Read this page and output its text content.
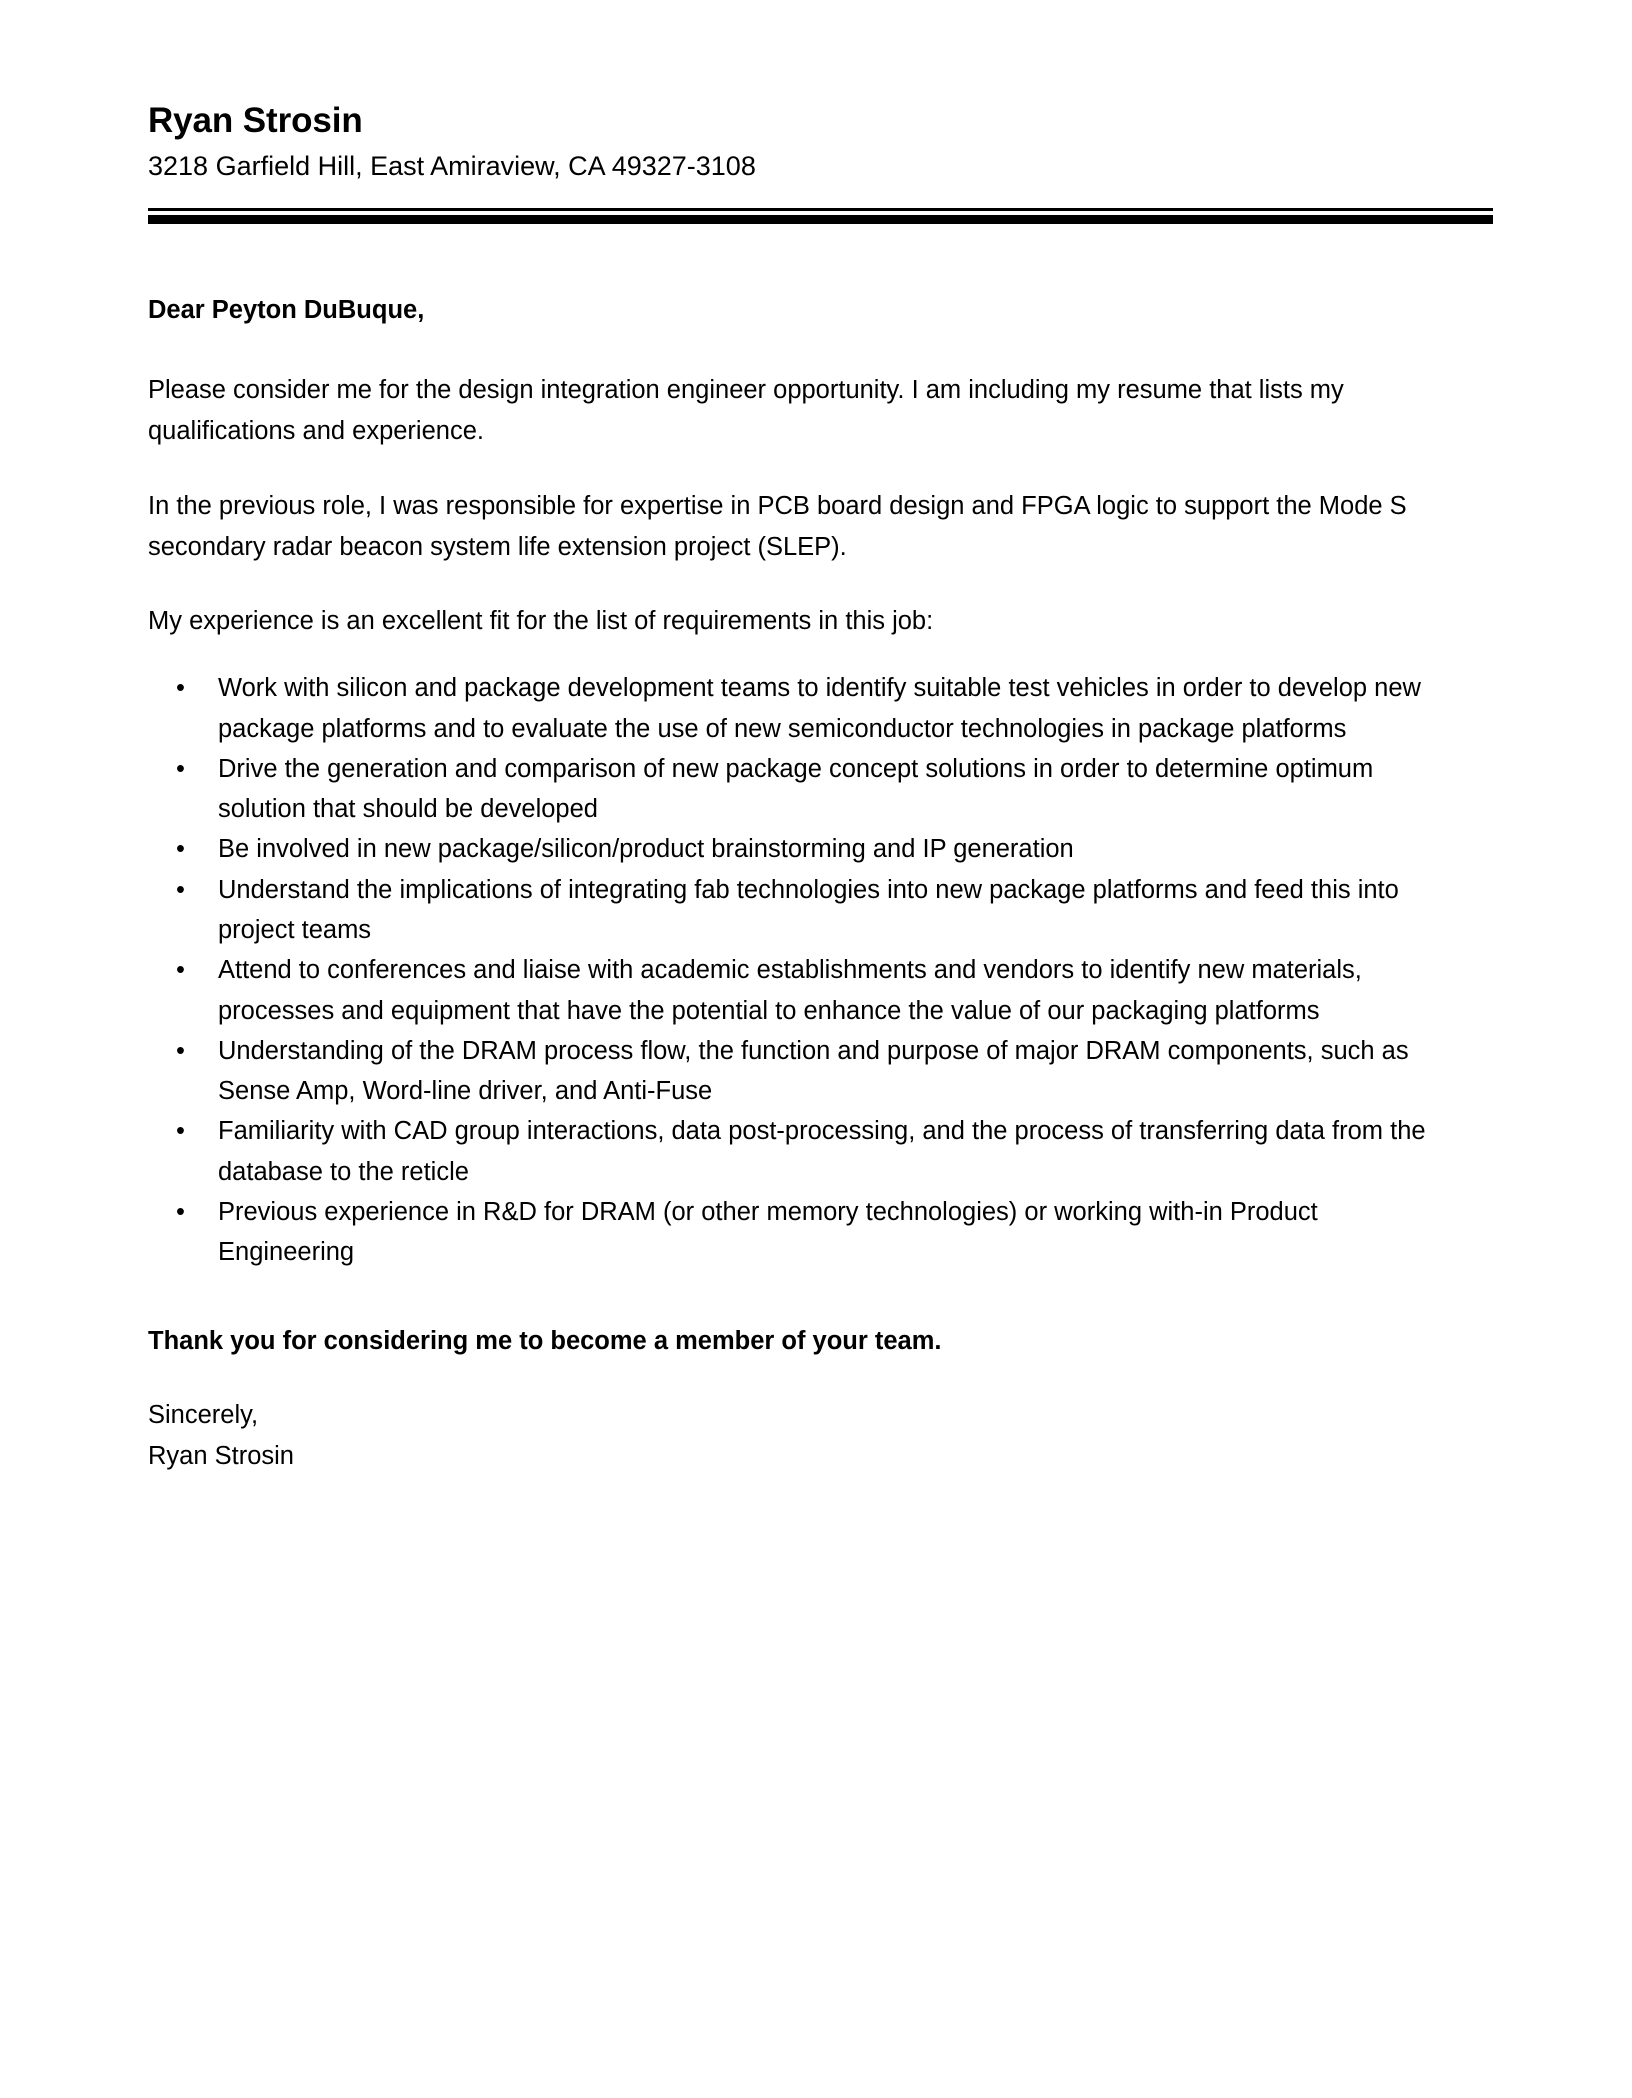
Ryan Strosin
3218 Garfield Hill, East Amiraview, CA 49327-3108
Dear Peyton DuBuque,

Please consider me for the design integration engineer opportunity. I am including my resume that lists my qualifications and experience.

In the previous role, I was responsible for expertise in PCB board design and FPGA logic to support the Mode S secondary radar beacon system life extension project (SLEP).

My experience is an excellent fit for the list of requirements in this job:

• Work with silicon and package development teams to identify suitable test vehicles in order to develop new package platforms and to evaluate the use of new semiconductor technologies in package platforms
• Drive the generation and comparison of new package concept solutions in order to determine optimum solution that should be developed
• Be involved in new package/silicon/product brainstorming and IP generation
• Understand the implications of integrating fab technologies into new package platforms and feed this into project teams
• Attend to conferences and liaise with academic establishments and vendors to identify new materials, processes and equipment that have the potential to enhance the value of our packaging platforms
• Understanding of the DRAM process flow, the function and purpose of major DRAM components, such as Sense Amp, Word-line driver, and Anti-Fuse
• Familiarity with CAD group interactions, data post-processing, and the process of transferring data from the database to the reticle
• Previous experience in R&D for DRAM (or other memory technologies) or working with-in Product Engineering
Thank you for considering me to become a member of your team.
Sincerely,
Ryan Strosin
